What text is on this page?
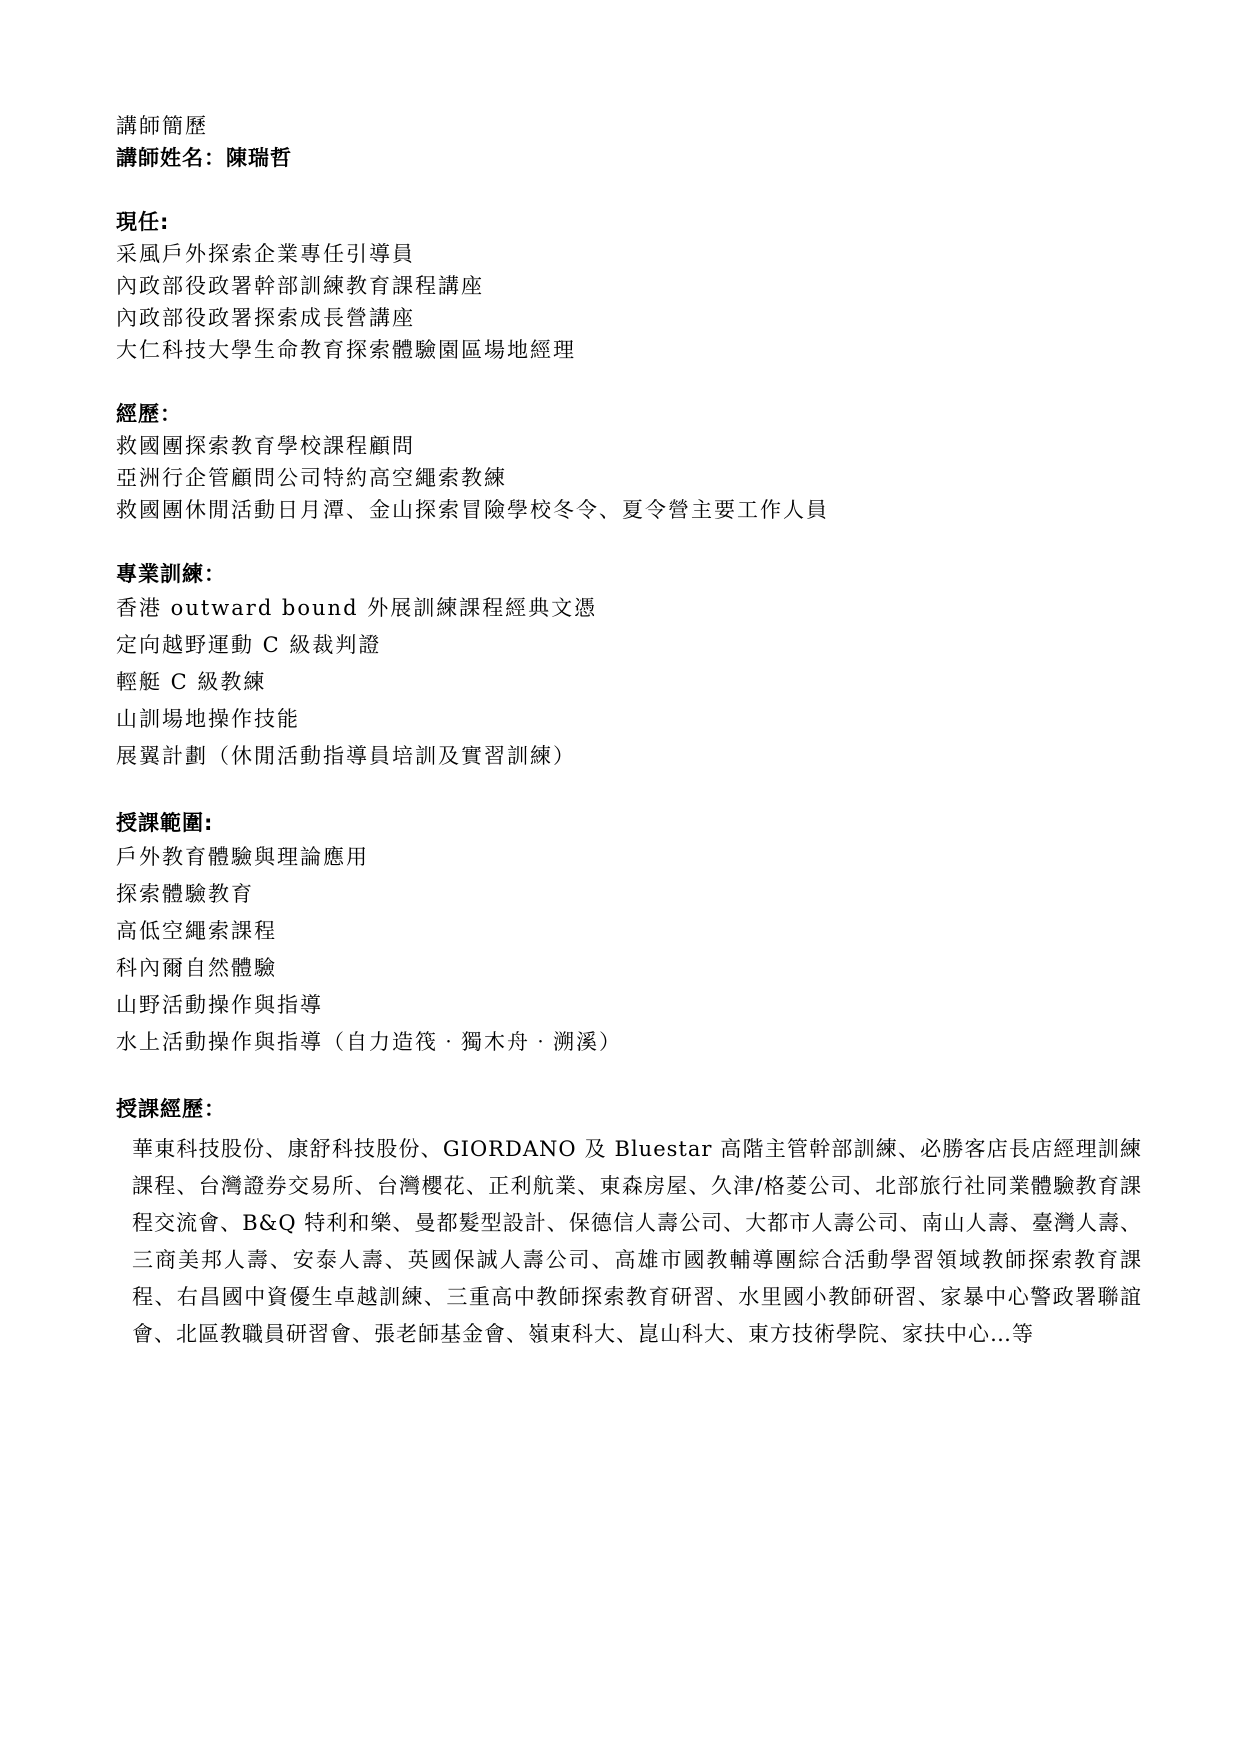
講師簡歷
講師姓名：陳瑞哲
現任:
采風戶外探索企業專任引導員
內政部役政署幹部訓練教育課程講座
內政部役政署探索成長營講座
大仁科技大學生命教育探索體驗園區場地經理
經歷：
救國團探索教育學校課程顧問
亞洲行企管顧問公司特約高空繩索教練
救國團休閒活動日月潭、金山探索冒險學校冬令、夏令營主要工作人員
專業訓練：
香港 outward bound 外展訓練課程經典文憑
定向越野運動 C 級裁判證
輕艇 C 級教練
山訓場地操作技能
展翼計劃（休閒活動指導員培訓及實習訓練）
授課範圍:
戶外教育體驗與理論應用
探索體驗教育
高低空繩索課程
科內爾自然體驗
山野活動操作與指導
水上活動操作與指導（自力造筏‧獨木舟‧溯溪）
授課經歷：
華東科技股份、康舒科技股份、GIORDANO 及 Bluestar 高階主管幹部訓練、必勝客店長店經理訓練課程、台灣證券交易所、台灣櫻花、正利航業、東森房屋、久津/格菱公司、北部旅行社同業體驗教育課程交流會、B&Q 特利和樂、曼都髮型設計、保德信人壽公司、大都市人壽公司、南山人壽、臺灣人壽、三商美邦人壽、安泰人壽、英國保誠人壽公司、高雄市國教輔導團綜合活動學習領域教師探索教育課程、右昌國中資優生卓越訓練、三重高中教師探索教育研習、水里國小教師研習、家暴中心警政署聯誼會、北區教職員研習會、張老師基金會、嶺東科大、崑山科大、東方技術學院、家扶中心…等
